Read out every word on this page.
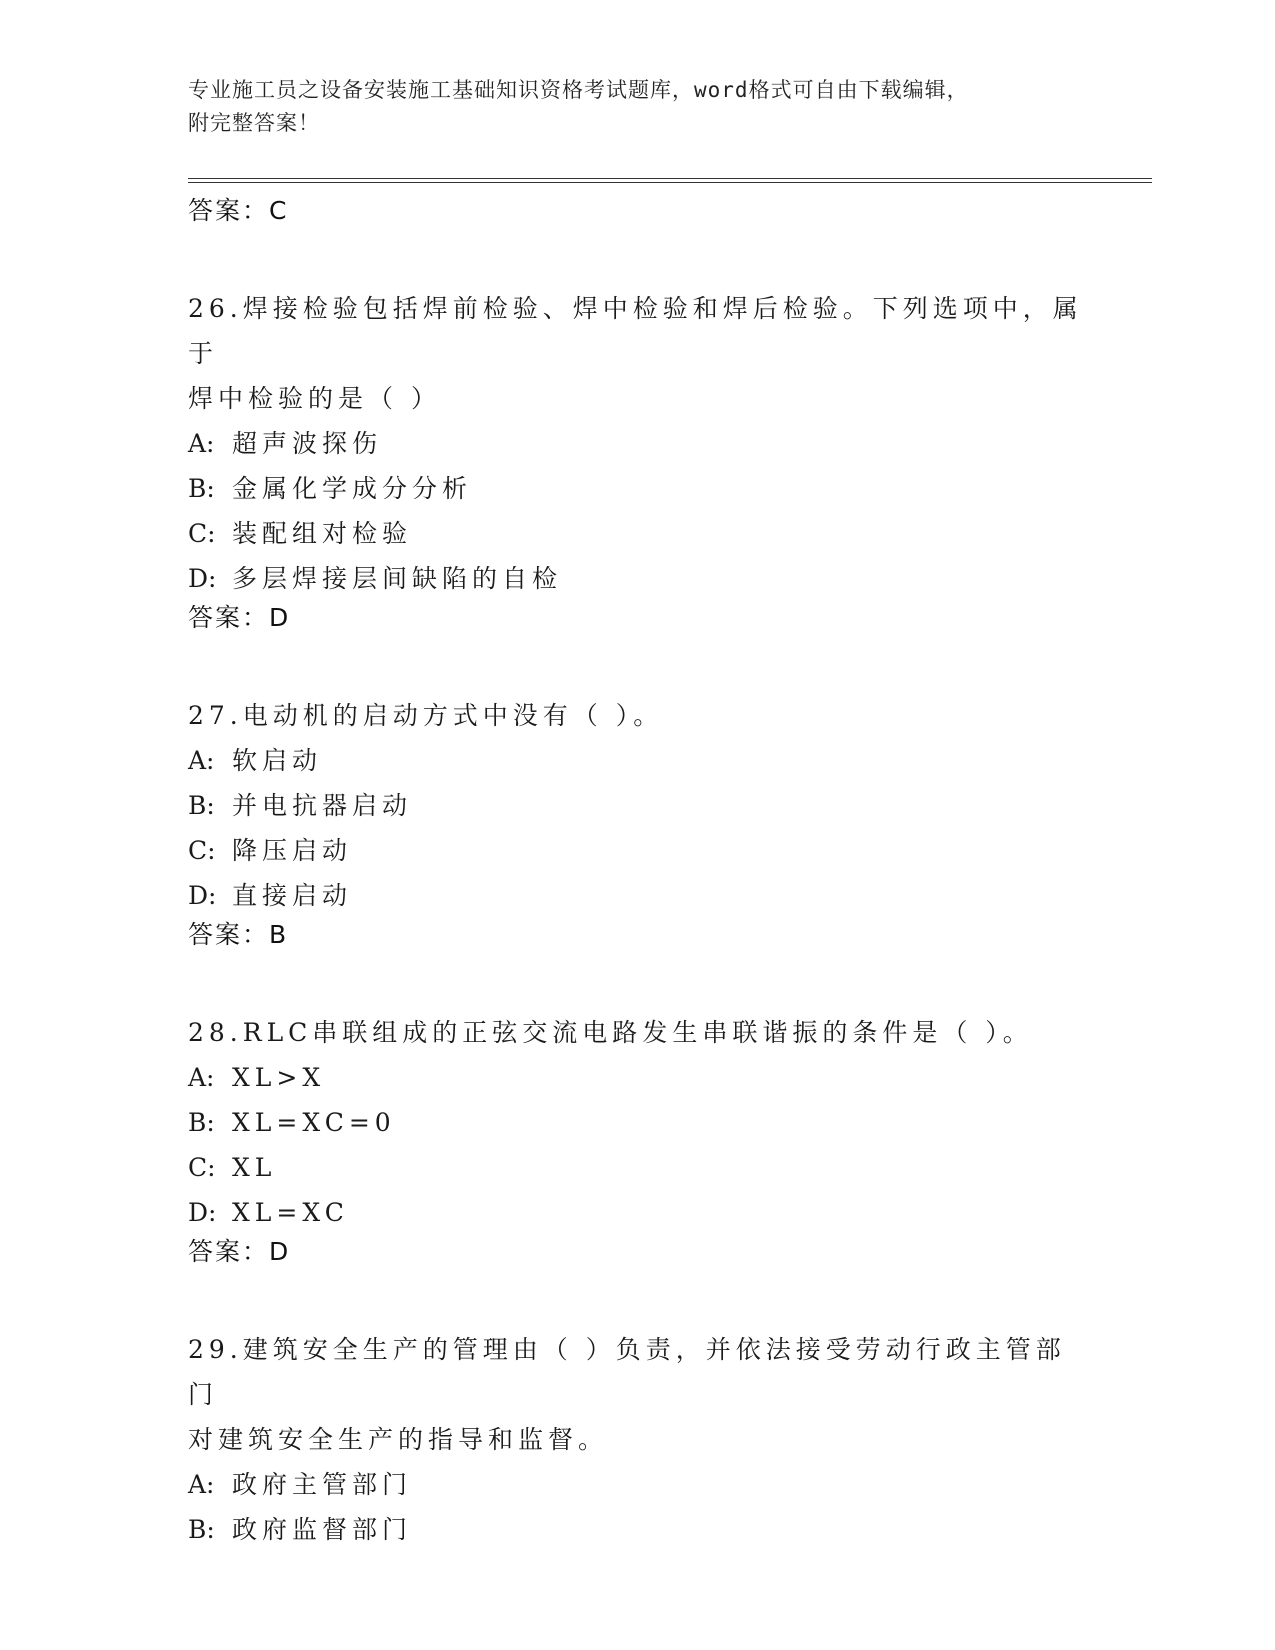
专业施工员之设备安装施工基础知识资格考试题库，word格式可自由下载编辑，
附完整答案！
答案：C
26.焊接检验包括焊前检验、焊中检验和焊后检验。下列选项中，属于
焊中检验的是（ ）
A: 超声波探伤
B: 金属化学成分分析
C: 装配组对检验
D: 多层焊接层间缺陷的自检
答案：D
27.电动机的启动方式中没有（ ）。
A: 软启动
B: 并电抗器启动
C: 降压启动
D: 直接启动
答案：B
28.RLC串联组成的正弦交流电路发生串联谐振的条件是（ ）。
A: XL>X
B: XL=XC=0
C: XL
D: XL=XC
答案：D
29.建筑安全生产的管理由（ ）负责，并依法接受劳动行政主管部门
对建筑安全生产的指导和监督。
A: 政府主管部门
B: 政府监督部门
